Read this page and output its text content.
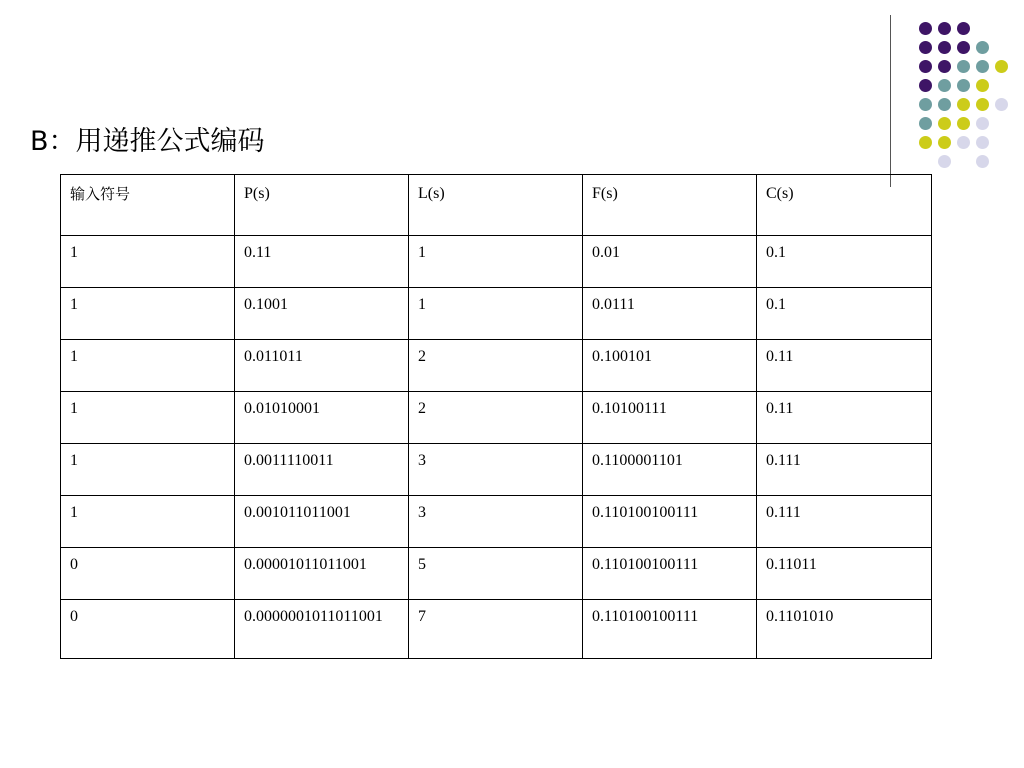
B：用递推公式编码
输入符号	P(s)	L(s)	F(s)	C(s)
1	0.11	1	0.01	0.1
1	0.1001	1	0.0111	0.1
1	0.011011	2	0.100101	0.11
1	0.01010001	2	0.10100111	0.11
1	0.0011110011	3	0.1100001101	0.111
1	0.001011011001	3	0.110100100111	0.111
0	0.00001011011001	5	0.110100100111	0.11011
0	0.0000001011011001	7	0.110100100111	0.1101010
